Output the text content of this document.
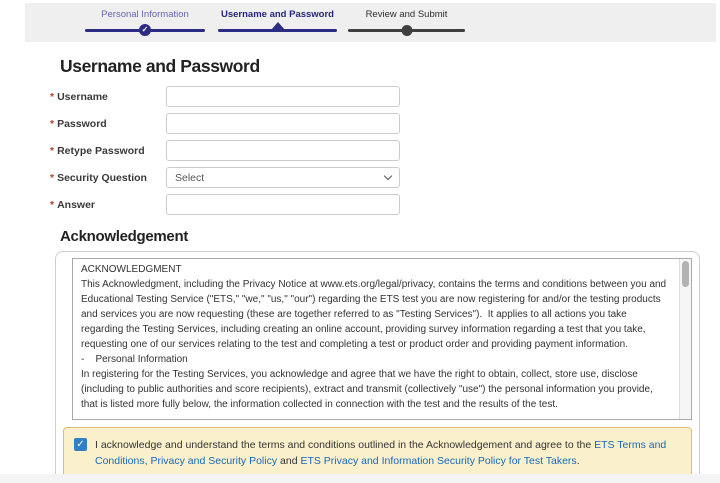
Personal Information
✓
Username and Password	Review and Submit
Username and Password
* Username
* Password
* Retype Password
* Security Question	Select
* Answer
Acknowledgement
ACKNOWLEDGMENT
This Acknowledgment, including the Privacy Notice at www.ets.org/legal/privacy, contains the terms and conditions between you and Educational Testing Service ("ETS," "we," "us," "our") regarding the ETS test you are now registering for and/or the testing products and services you are now requesting (these are together referred to as "Testing Services").  It applies to all actions you take regarding the Testing Services, including creating an online account, providing survey information regarding a test that you take, requesting one of our services relating to the test and completing a test or product order and providing payment information.
-    Personal Information
In registering for the Testing Services, you acknowledge and agree that we have the right to obtain, collect, store use, disclose (including to public authorities and score recipients), extract and transmit (collectively "use") the personal information you provide, that is listed more fully below, the information collected in connection with the test and the results of the test.
✓ I acknowledge and understand the terms and conditions outlined in the Acknowledgement and agree to the ETS Terms and Conditions, Privacy and Security Policy and ETS Privacy and Information Security Policy for Test Takers.
